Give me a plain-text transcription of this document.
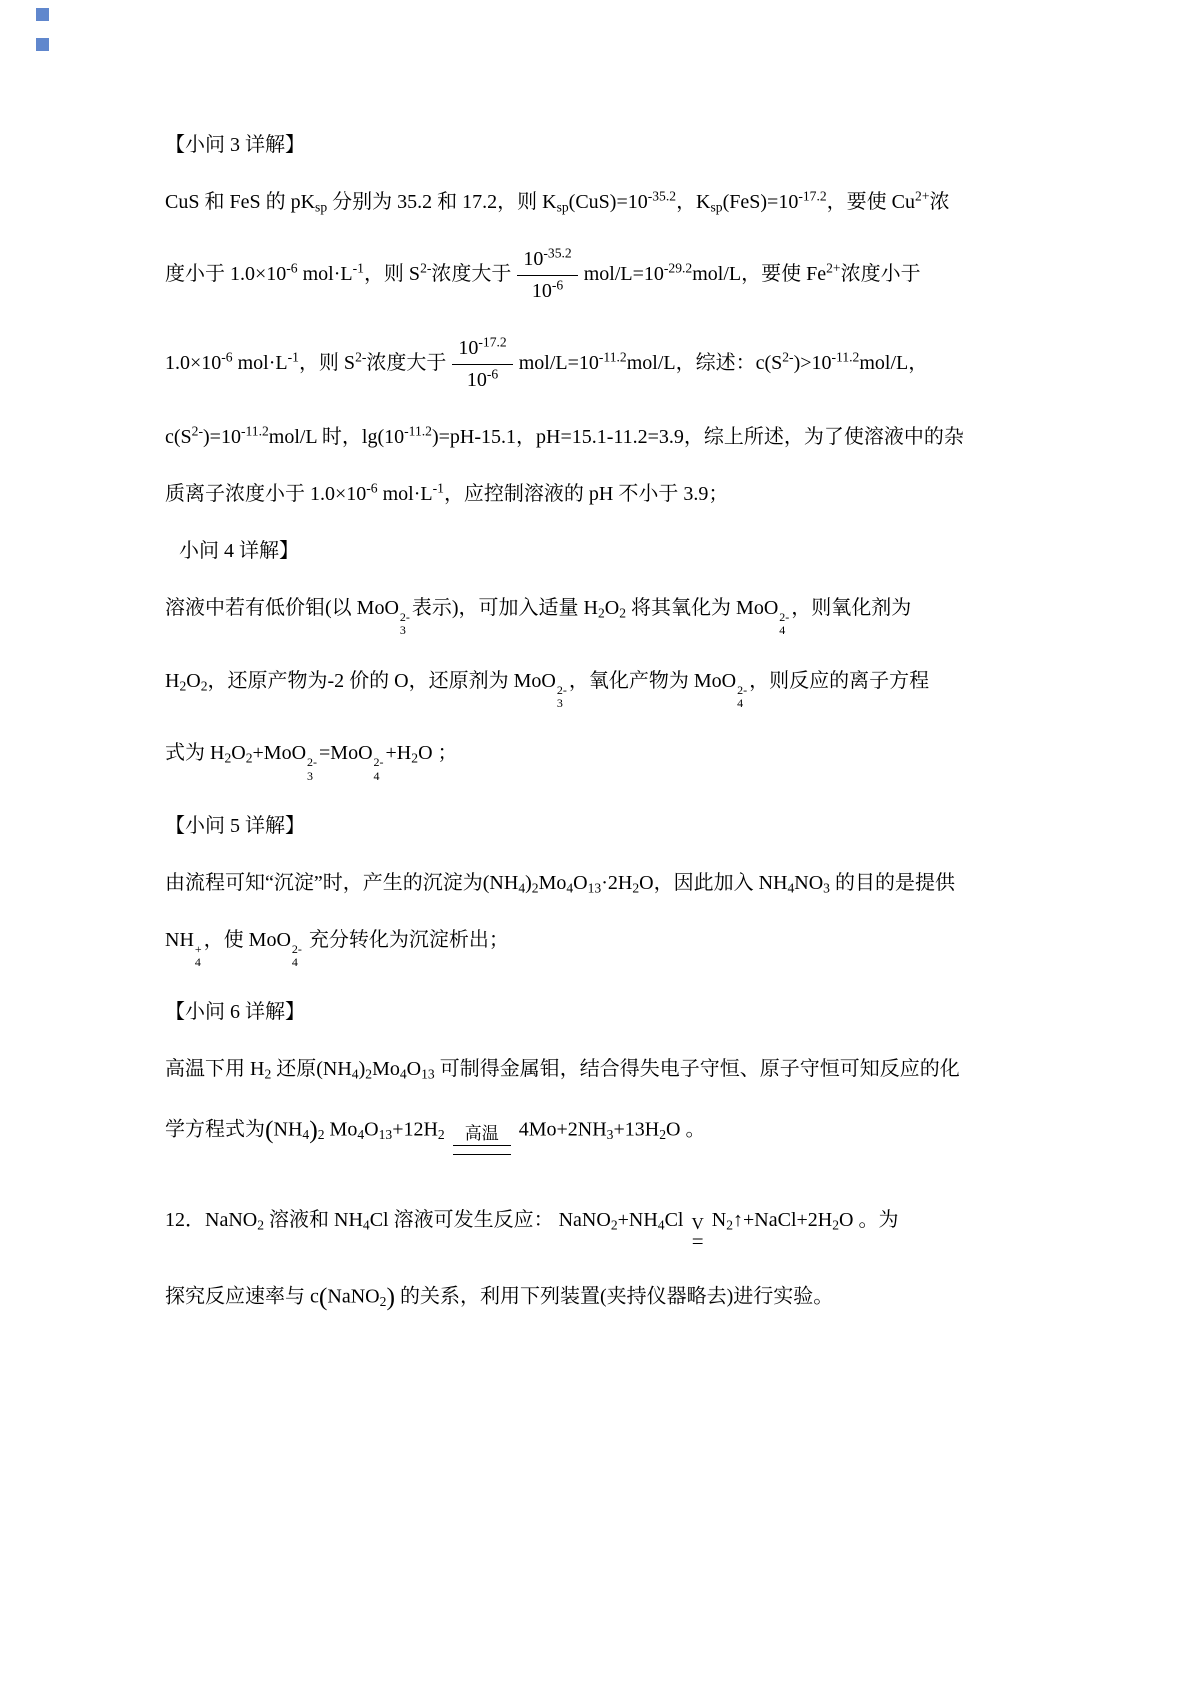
【小问 3 详解】

CuS 和 FeS 的 $pK_{sp}$ 分别为 35.2 和 17.2，则 $K_{sp}(CuS)=10^{-35.2}$，$K_{sp}(FeS)=10^{-17.2}$，要使 $Cu^{2+}$浓

度小于 $1.0\times 10^{-6}$ $mol\cdot L^{-1}$，则 $S^{2-}$浓度大于 $\frac{10^{-35.2}}{10^{-6}} mol/L=10^{-29.2}mol/L$，要使 $Fe^{2+}$浓度小于

$1.0\times 10^{-6}$ $mol\cdot L^{-1}$，则 $S^{2-}$浓度大于 $\frac{10^{-17.2}}{10^{-6}} mol/L=10^{-11.2}mol/L$，综述：$c(S^{2-})>10^{-11.2}mol/L$，

$c(S^{2-})=10^{-11.2}mol/L$ 时，$\lg(10^{-11.2})=pH-15.1$，pH=15.1-11.2=3.9，综上所述，为了使溶液中的杂

质离子浓度小于 $1.0\times 10^{-6}$ $mol\cdot L^{-1}$，应控制溶液的 pH 不小于 3.9；

小问 4 详解】

溶液中若有低价钼(以 MoO 2-
3
表示)，可加入适量 $H_2O_2$ 将其氧化为 MoO 2-
4
，则氧化剂为

$H_2O_2$，还原产物为-2 价的 O，还原剂为 MoO 2-
3
，氧化产物为 MoO 2-
4
，则反应的离子方程

式为 $H_2O_2+MoO$ 2-
3
=MoO 2-
4
$+H_2O$ ；

【小问 5 详解】

由流程可知“沉淀”时，产生的沉淀为$(NH_4)_2Mo_4O_{13}\cdot 2H_2O$，因此加入 $NH_4NO_3$ 的目的是提供

NH +
4
，使 MoO 2-
4
充分转化为沉淀析出；

【小问 6 详解】

高温下用 $H_2$ 还原$(NH_4)_2Mo_4O_{13}$ 可制得金属钼，结合得失电子守恒、原子守恒可知反应的化

学方程式为$(NH_4)_2$ $Mo_4O_{13}+12H_2$ 高温 $4Mo+2NH_3+13H_2O$ 。

12．NaNO$_2$ 溶液和 $NH_4Cl$ 溶液可发生反应： $NaNO_2+NH_4Cl$ V
=
$N_2↑+NaCl+2H_2O$ 。为

探究反应速率与 c(NaNO$_2$) 的关系，利用下列装置(夹持仪器略去)进行实验。
